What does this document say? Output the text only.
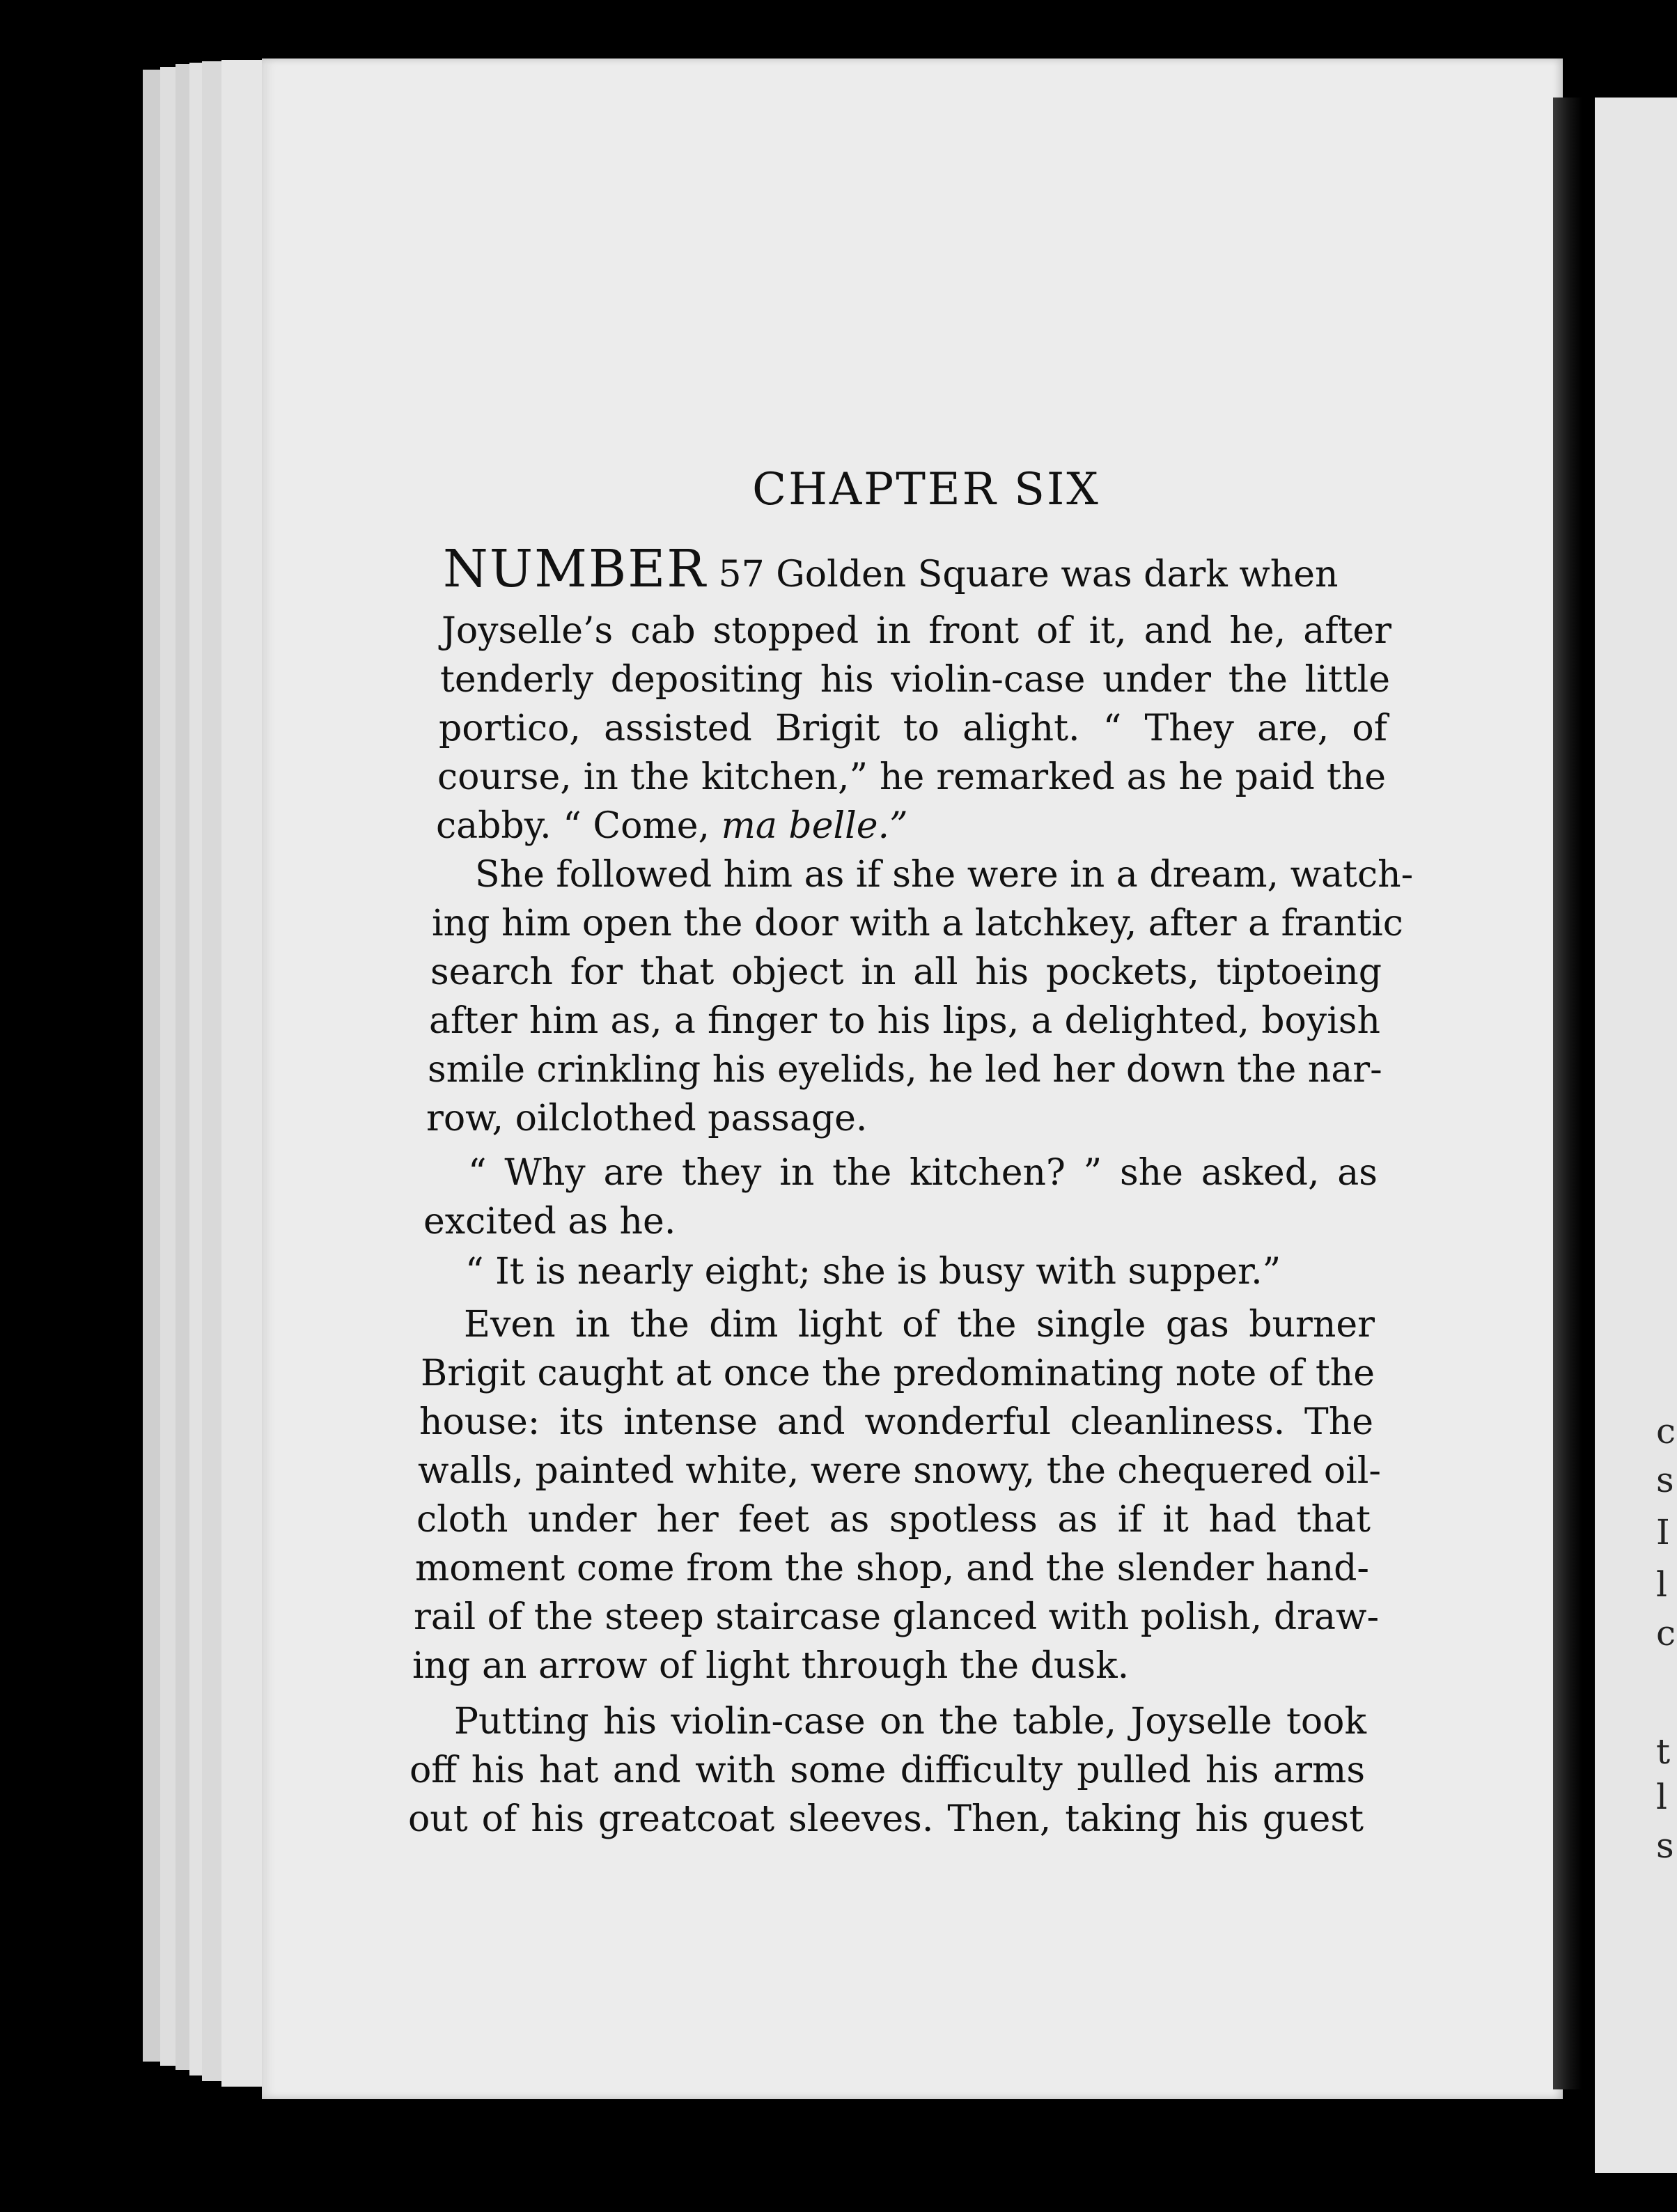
c
s
I
l
c
t
l
s
CHAPTER SIX
NUMBER 57 Golden Square was dark when
Joyselle’s cab stopped in front of it, and he, after
tenderly depositing his violin-case under the little
portico, assisted Brigit to alight. “ They are, of
course, in the kitchen,” he remarked as he paid the
cabby. “ Come, ma belle.”
She followed him as if she were in a dream, watch-
ing him open the door with a latchkey, after a frantic
search for that object in all his pockets, tiptoeing
after him as, a finger to his lips, a delighted, boyish
smile crinkling his eyelids, he led her down the nar-
row, oilclothed passage.
“ Why are they in the kitchen? ” she asked, as
excited as he.
“ It is nearly eight; she is busy with supper.”
Even in the dim light of the single gas burner
Brigit caught at once the predominating note of the
house: its intense and wonderful cleanliness. The
walls, painted white, were snowy, the chequered oil-
cloth under her feet as spotless as if it had that
moment come from the shop, and the slender hand-
rail of the steep staircase glanced with polish, draw-
ing an arrow of light through the dusk.
Putting his violin-case on the table, Joyselle took
off his hat and with some difficulty pulled his arms
out of his greatcoat sleeves. Then, taking his guest
